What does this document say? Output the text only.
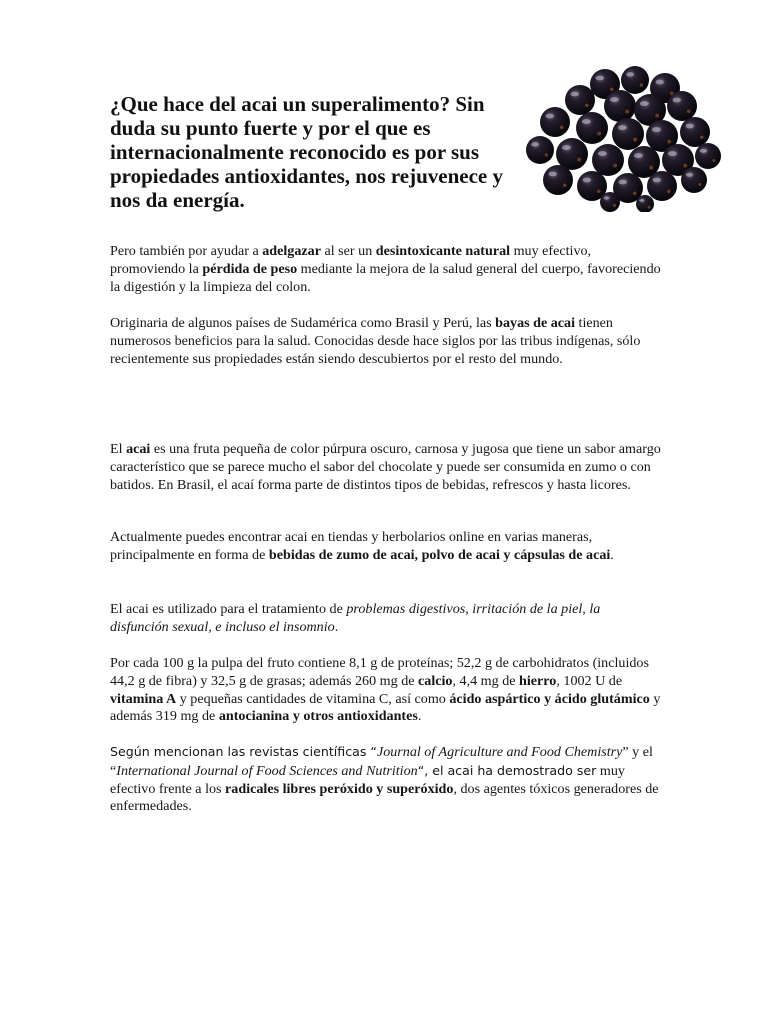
¿Que hace del acai un superalimento? Sin duda su punto fuerte y por el que es internacionalmente reconocido es por sus propiedades antioxidantes, nos rejuvenece y nos da energía.

Pero también por ayudar a adelgazar al ser un desintoxicante natural muy efectivo, promoviendo la pérdida de peso mediante la mejora de la salud general del cuerpo, favoreciendo la digestión y la limpieza del colon.

Originaria de algunos países de Sudamérica como Brasil y Perú, las bayas de acai tienen numerosos beneficios para la salud. Conocidas desde hace siglos por las tribus indígenas, sólo recientemente sus propiedades están siendo descubiertos por el resto del mundo.

El acai es una fruta pequeña de color púrpura oscuro, carnosa y jugosa que tiene un sabor amargo característico que se parece mucho el sabor del chocolate y puede ser consumida en zumo o con batidos. En Brasil, el acaí forma parte de distintos tipos de bebidas, refrescos y hasta licores.

Actualmente puedes encontrar acai en tiendas y herbolarios online en varias maneras, principalmente en forma de bebidas de zumo de acai, polvo de acai y cápsulas de acai.

El acai es utilizado para el tratamiento de problemas digestivos, irritación de la piel, la disfunción sexual, e incluso el insomnio.

Por cada 100 g la pulpa del fruto contiene 8,1 g de proteínas; 52,2 g de carbohidratos (incluidos 44,2 g de fibra) y 32,5 g de grasas; además 260 mg de calcio, 4,4 mg de hierro, 1002 U de vitamina A y pequeñas cantidades de vitamina C, así como ácido aspártico y ácido glutámico y además 319 mg de antocianina y otros antioxidantes.

Según mencionan las revistas científicas “Journal of Agriculture and Food Chemistry” y el “International Journal of Food Sciences and Nutrition“, el acai ha demostrado ser muy efectivo frente a los radicales libres peróxido y superóxido, dos agentes tóxicos generadores de enfermedades.
